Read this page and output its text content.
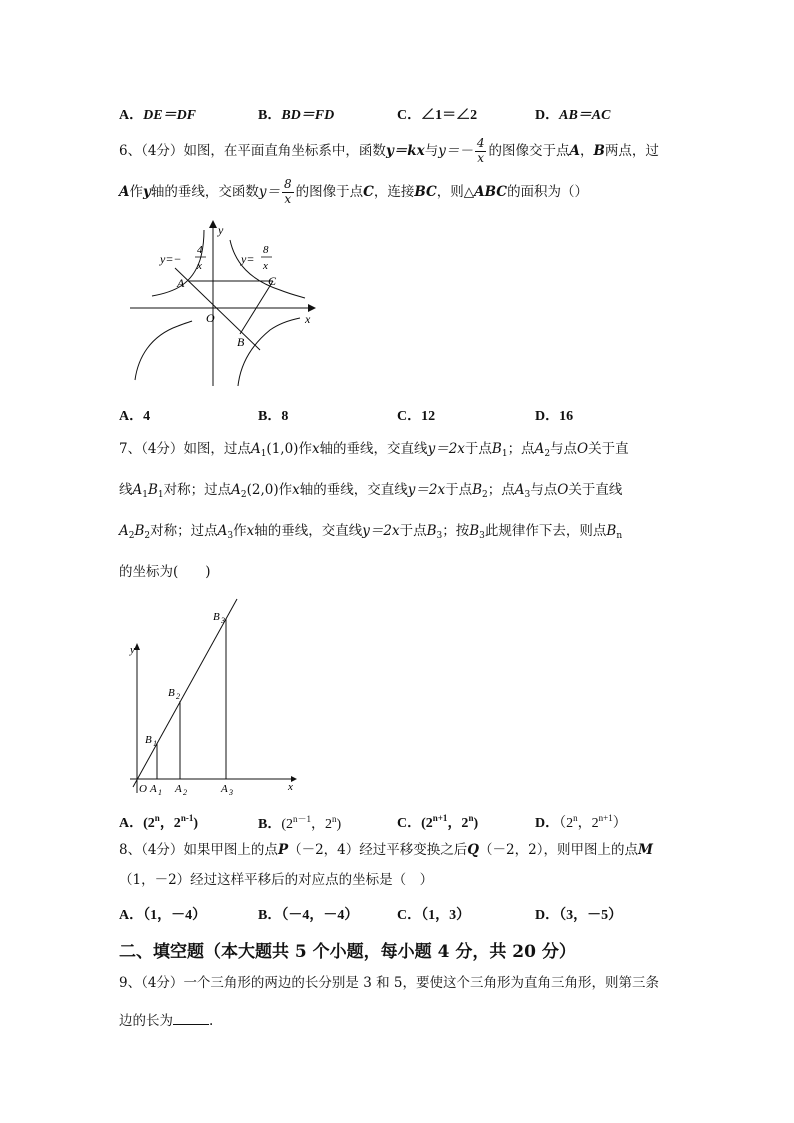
A．DE＝DF	B．BD＝FD	C．∠1＝∠2	D．AB＝AC
6、（4分）如图，在平面直角坐标系中，函数y＝kx与$y=- \frac{4}{x}$ 的图像交于点A，B两点，过
A作y轴的垂线，交函数$y= \frac{8}{x}$ 的图像于点C，连接BC，则△ABC的面积为（）
y
x
O
A
B
C
y=−
4
x	y=
8
x
A．4	B．8	C．12	D．16
7、（4分）如图，过点$A_1(1,0)$作x轴的垂线，交直线y＝2x于点$B_1$；点$A_2$与点O关于直
线$A_1B_1$对称；过点$A_2(2,0)$作x轴的垂线，交直线y＝2x于点$B_2$；点$A_3$与点O关于直线
$A_2B_2$对称；过点$A_3$作x轴的垂线，交直线y＝2x于点$B_3$；按$B_3$此规律作下去，则点$B_n$
的坐标为(　　)
y
x
O A 1 A 2	A 3
B 1
B 2
B 3
A．(2$^n$，2$^{n-1}$)	B．($2^{n-1}$，2$^n$)	C．($2^{n+1}$，2$^n$)	D．（2$^n$，$2^{n+1}$）
8、（4分）如果甲图上的点P（－2，4）经过平移变换之后Q（－2，2），则甲图上的点M
（1，－2）经过这样平移后的对应点的坐标是（　）
A．（1，－4）	B．（－4，－4）	C．（1，3）	D．（3，－5）
二、填空题（本大题共 5 个小题，每小题 4 分，共 20 分）
9、（4分）一个三角形的两边的长分别是 3 和 5，要使这个三角形为直角三角形，则第三条
边的长为	.
